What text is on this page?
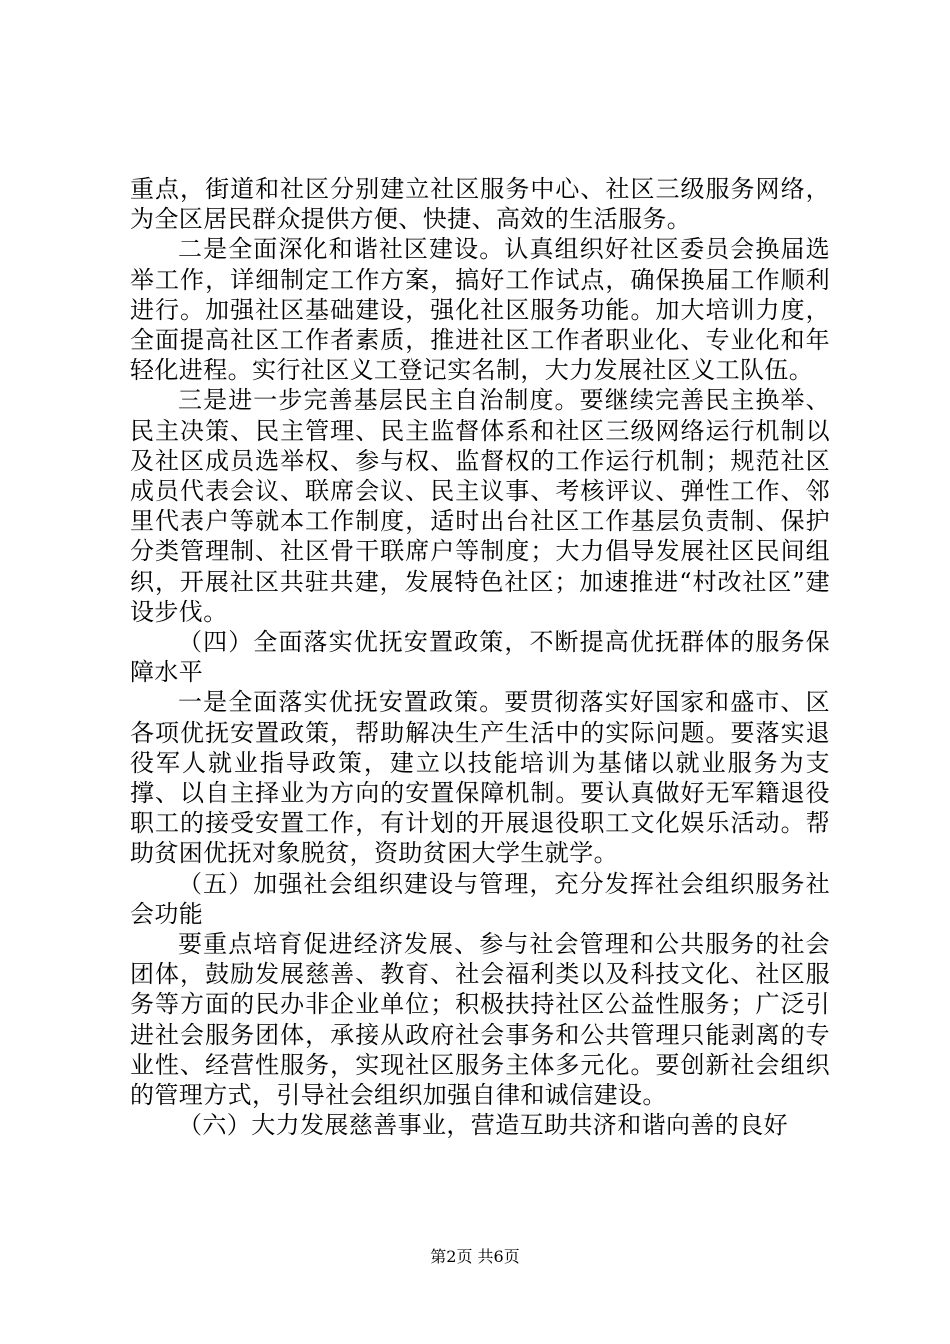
重点，街道和社区分别建立社区服务中心、社区三级服务网络，为全区居民群众提供方便、快捷、高效的生活服务。

二是全面深化和谐社区建设。认真组织好社区委员会换届选举工作，详细制定工作方案，搞好工作试点，确保换届工作顺利进行。加强社区基础建设，强化社区服务功能。加大培训力度，全面提高社区工作者素质，推进社区工作者职业化、专业化和年轻化进程。实行社区义工登记实名制，大力发展社区义工队伍。

三是进一步完善基层民主自治制度。要继续完善民主换举、民主决策、民主管理、民主监督体系和社区三级网络运行机制以及社区成员选举权、参与权、监督权的工作运行机制；规范社区成员代表会议、联席会议、民主议事、考核评议、弹性工作、邻里代表户等就本工作制度，适时出台社区工作基层负责制、保护分类管理制、社区骨干联席户等制度；大力倡导发展社区民间组织，开展社区共驻共建，发展特色社区；加速推进“村改社区”建设步伐。

（四）全面落实优抚安置政策，不断提高优抚群体的服务保障水平

一是全面落实优抚安置政策。要贯彻落实好国家和盛市、区各项优抚安置政策，帮助解决生产生活中的实际问题。要落实退役军人就业指导政策，建立以技能培训为基储以就业服务为支撑、以自主择业为方向的安置保障机制。要认真做好无军籍退役职工的接受安置工作，有计划的开展退役职工文化娱乐活动。帮助贫困优抚对象脱贫，资助贫困大学生就学。

（五）加强社会组织建设与管理，充分发挥社会组织服务社会功能

要重点培育促进经济发展、参与社会管理和公共服务的社会团体，鼓励发展慈善、教育、社会福利类以及科技文化、社区服务等方面的民办非企业单位；积极扶持社区公益性服务；广泛引进社会服务团体，承接从政府社会事务和公共管理只能剥离的专业性、经营性服务，实现社区服务主体多元化。要创新社会组织的管理方式，引导社会组织加强自律和诚信建设。

（六）大力发展慈善事业，营造互助共济和谐向善的良好

第2页 共6页
